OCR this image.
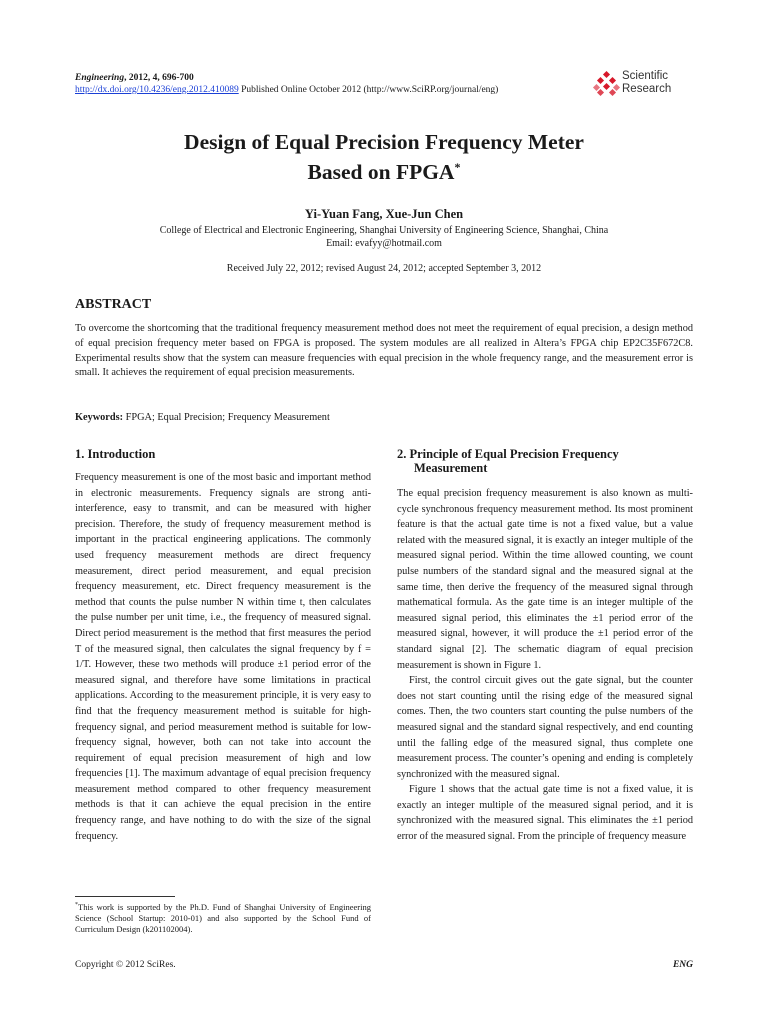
Engineering, 2012, 4, 696-700
http://dx.doi.org/10.4236/eng.2012.410089 Published Online October 2012 (http://www.SciRP.org/journal/eng)
Scientific
Research
Design of Equal Precision Frequency Meter
Based on FPGA*
Yi-Yuan Fang, Xue-Jun Chen
College of Electrical and Electronic Engineering, Shanghai University of Engineering Science, Shanghai, China
Email: evafyy@hotmail.com
Received July 22, 2012; revised August 24, 2012; accepted September 3, 2012
ABSTRACT
To overcome the shortcoming that the traditional frequency measurement method does not meet the requirement of equal precision, a design method of equal precision frequency meter based on FPGA is proposed. The system modules are all realized in Altera’s FPGA chip EP2C35F672C8. Experimental results show that the system can measure frequencies with equal precision in the whole frequency range, and the measurement error is small. It achieves the requirement of equal precision measurements.
Keywords: FPGA; Equal Precision; Frequency Measurement
1. Introduction

Frequency measurement is one of the most basic and important method in electronic measurements. Frequency signals are strong anti-interference, easy to transmit, and can be measured with higher precision. Therefore, the study of frequency measurement method is important in the practical engineering applications. The commonly used frequency measurement methods are direct frequency measurement, direct period measurement, and equal precision frequency measurement, etc. Direct frequency measurement is the method that counts the pulse number N within time t, then calculates the pulse number per unit time, i.e., the frequency of measured signal. Direct period measurement is the method that first measures the period T of the measured signal, then calculates the signal frequency by f = 1/T. However, these two methods will produce ±1 period error of the measured signal, and therefore have some limitations in practical applications. According to the measurement principle, it is very easy to find that the frequency measurement method is suitable for high-frequency signal, and period measurement method is suitable for low-frequency signal, however, both can not take into account the requirement of equal precision measurement of high and low frequencies [1]. The maximum advantage of equal precision frequency measurement method compared to other frequency measurement methods is that it can achieve the equal precision in the entire frequency range, and have nothing to do with the size of the signal frequency.

2. Principle of Equal Precision Frequency
Measurement

The equal precision frequency measurement is also known as multi-cycle synchronous frequency measurement method. Its most prominent feature is that the actual gate time is not a fixed value, but a value related with the measured signal, it is exactly an integer multiple of the measured signal period. Within the time allowed counting, we count pulse numbers of the standard signal and the measured signal at the same time, then derive the frequency of the measured signal through mathematical formula. As the gate time is an integer multiple of the measured signal period, this eliminates the ±1 period error of the measured signal, however, it will produce the ±1 period error of the standard signal [2]. The schematic diagram of equal precision measurement is shown in Figure 1.

First, the control circuit gives out the gate signal, but the counter does not start counting until the rising edge of the measured signal comes. Then, the two counters start counting the pulse numbers of the measured signal and the standard signal respectively, and end counting until the falling edge of the measured signal, thus complete one measurement process. The counter’s opening and ending is completely synchronized with the measured signal.

Figure 1 shows that the actual gate time is not a fixed value, it is exactly an integer multiple of the measured signal period, and it is synchronized with the measured signal. This eliminates the ±1 period error of the measured signal. From the principle of frequency measure

*This work is supported by the Ph.D. Fund of Shanghai University of Engineering Science (School Startup: 2010-01) and also supported by the School Fund of Curriculum Design (k201102004).
Copyright © 2012 SciRes.	ENG
